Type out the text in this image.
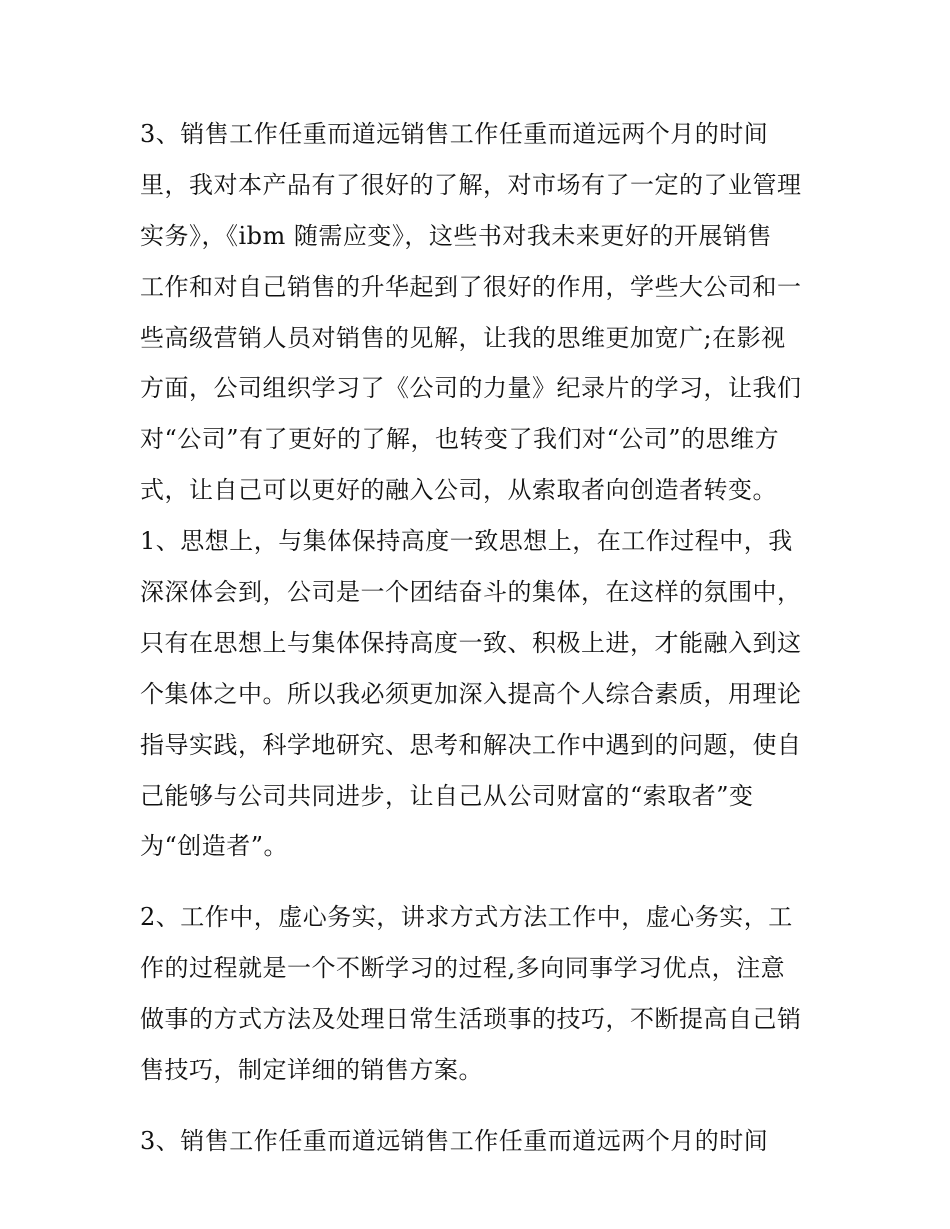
3、销售工作任重而道远销售工作任重而道远两个月的时间
里，我对本产品有了很好的了解，对市场有了一定的了业管理
实务》，《ibm 随需应变》，这些书对我未来更好的开展销售
工作和对自己销售的升华起到了很好的作用，学些大公司和一
些高级营销人员对销售的见解，让我的思维更加宽广;在影视
方面，公司组织学习了《公司的力量》纪录片的学习，让我们
对“公司”有了更好的了解，也转变了我们对“公司”的思维方
式，让自己可以更好的融入公司，从索取者向创造者转变。
1、思想上，与集体保持高度一致思想上，在工作过程中，我
深深体会到，公司是一个团结奋斗的集体，在这样的氛围中，
只有在思想上与集体保持高度一致、积极上进，才能融入到这
个集体之中。所以我必须更加深入提高个人综合素质，用理论
指导实践，科学地研究、思考和解决工作中遇到的问题，使自
己能够与公司共同进步，让自己从公司财富的“索取者”变
为“创造者”。
2、工作中，虚心务实，讲求方式方法工作中，虚心务实，工
作的过程就是一个不断学习的过程,多向同事学习优点，注意
做事的方式方法及处理日常生活琐事的技巧，不断提高自己销
售技巧，制定详细的销售方案。
3、销售工作任重而道远销售工作任重而道远两个月的时间
